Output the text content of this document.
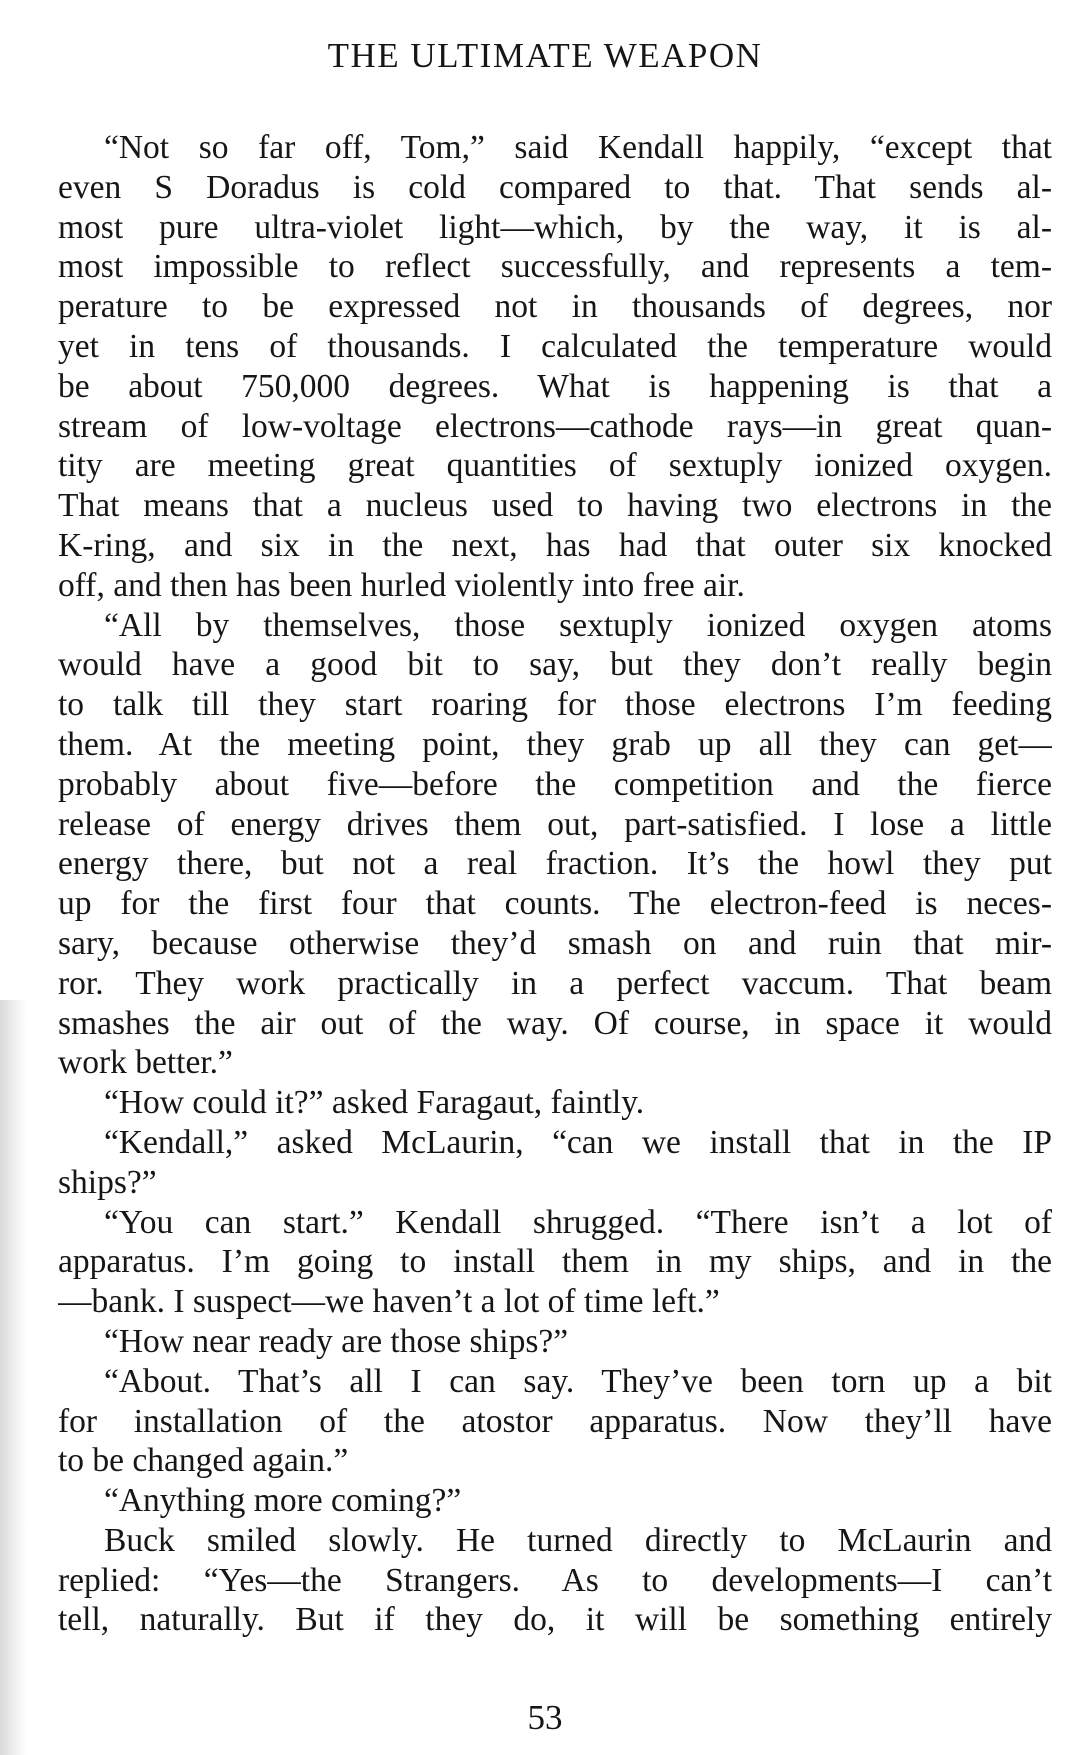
THE ULTIMATE WEAPON
“Not so far off, Tom,” said Kendall happily, “except that
even S Doradus is cold compared to that. That sends al-
most pure ultra-violet light—which, by the way, it is al-
most impossible to reflect successfully, and represents a tem-
perature to be expressed not in thousands of degrees, nor
yet in tens of thousands. I calculated the temperature would
be about 750,000 degrees. What is happening is that a
stream of low-voltage electrons—cathode rays—in great quan-
tity are meeting great quantities of sextuply ionized oxygen.
That means that a nucleus used to having two electrons in the
K-ring, and six in the next, has had that outer six knocked
off, and then has been hurled violently into free air.
“All by themselves, those sextuply ionized oxygen atoms
would have a good bit to say, but they don’t really begin
to talk till they start roaring for those electrons I’m feeding
them. At the meeting point, they grab up all they can get—
probably about five—before the competition and the fierce
release of energy drives them out, part-satisfied. I lose a little
energy there, but not a real fraction. It’s the howl they put
up for the first four that counts. The electron-feed is neces-
sary, because otherwise they’d smash on and ruin that mir-
ror. They work practically in a perfect vaccum. That beam
smashes the air out of the way. Of course, in space it would
work better.”
“How could it?” asked Faragaut, faintly.
“Kendall,” asked McLaurin, “can we install that in the IP
ships?”
“You can start.” Kendall shrugged. “There isn’t a lot of
apparatus. I’m going to install them in my ships, and in the
—bank. I suspect—we haven’t a lot of time left.”
“How near ready are those ships?”
“About. That’s all I can say. They’ve been torn up a bit
for installation of the atostor apparatus. Now they’ll have
to be changed again.”
“Anything more coming?”
Buck smiled slowly. He turned directly to McLaurin and
replied: “Yes—the Strangers. As to developments—I can’t
tell, naturally. But if they do, it will be something entirely
53
